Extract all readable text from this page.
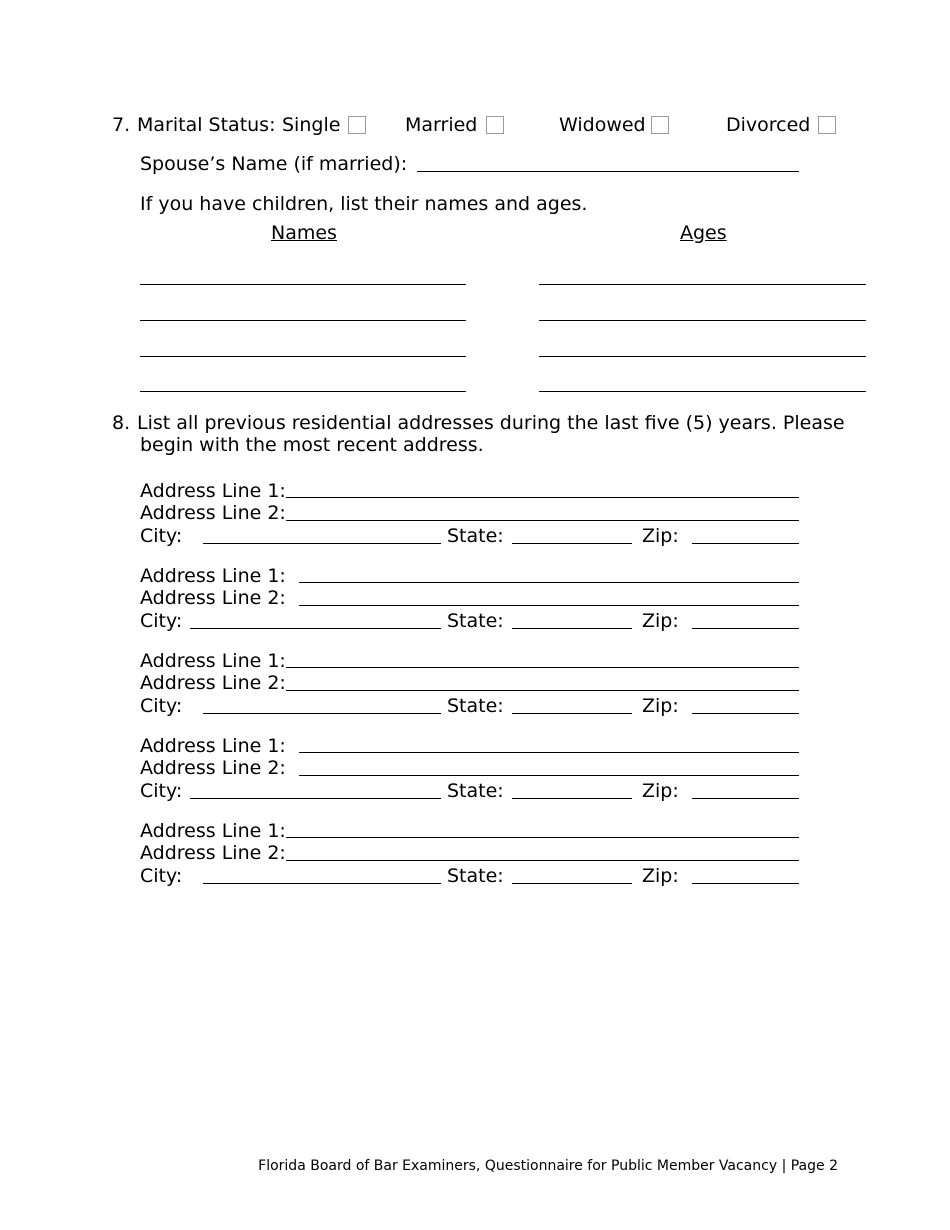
7. Marital Status: Single	Married	Widowed	Divorced
Spouse’s Name (if married):
If you have children, list their names and ages.
Names	Ages
8. List all previous residential addresses during the last five (5) years. Please
begin with the most recent address.
Address Line 1:
Address Line 2:
City:	State:	Zip:
Address Line 1:
Address Line 2:
City:	State:	Zip:
Address Line 1:
Address Line 2:
City:	State:	Zip:
Address Line 1:
Address Line 2:
City:	State:	Zip:
Address Line 1:
Address Line 2:
City:	State:	Zip:
Florida Board of Bar Examiners, Questionnaire for Public Member Vacancy | Page 2
